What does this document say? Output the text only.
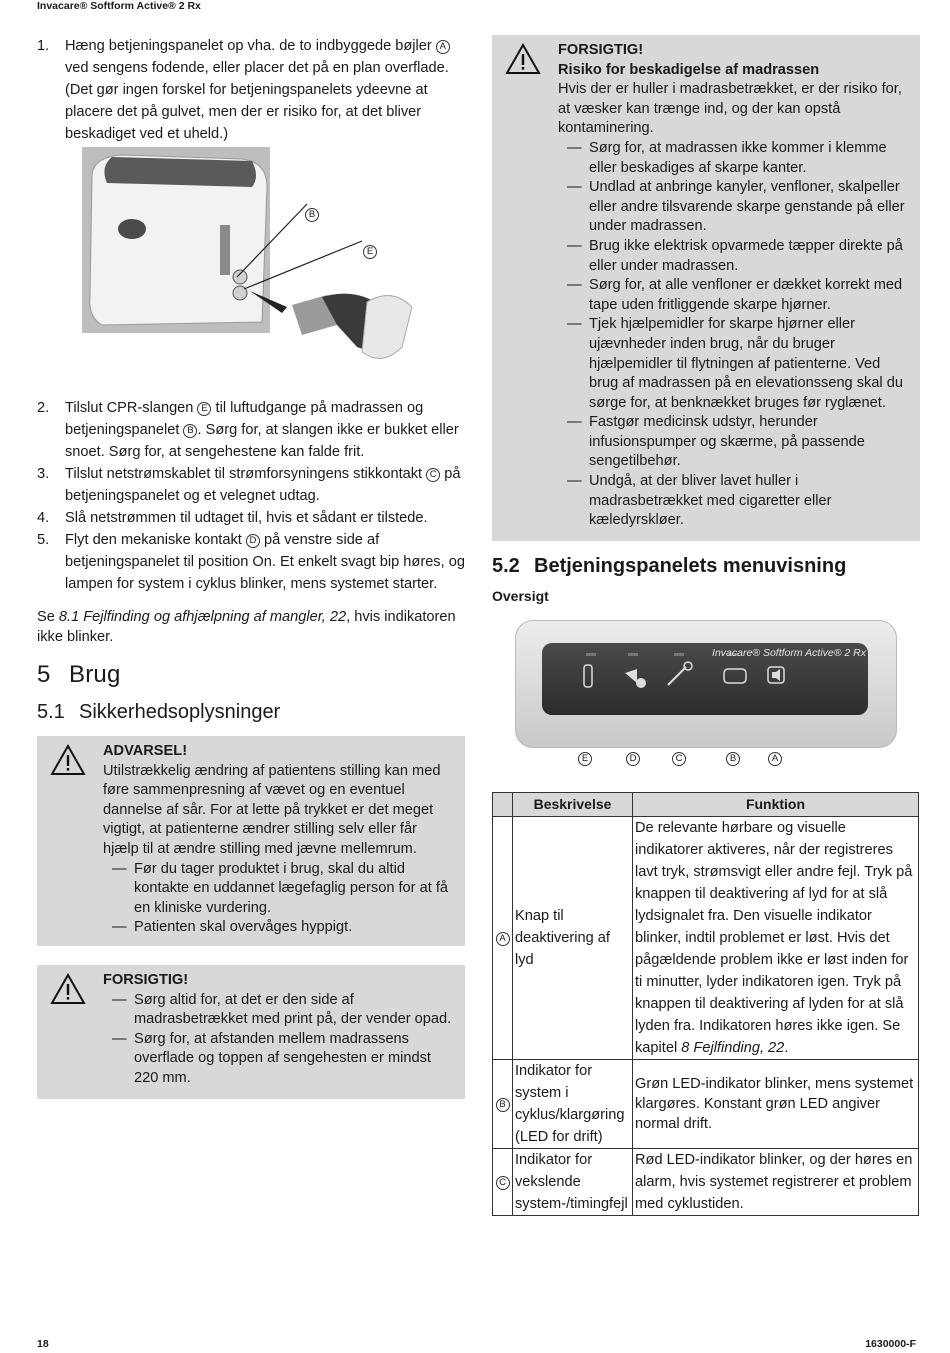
Invacare® Softform Active® 2 Rx
1. Hæng betjeningspanelet op vha. de to indbyggede bøjler A ved sengens fodende, eller placer det på en plan overflade. (Det gør ingen forskel for betjeningspanelets ydeevne at placere det på gulvet, men der er risiko for, at det bliver beskadiget ved et uheld.)
B
E
2. Tilslut CPR-slangen E til luftudgange på madrassen og betjeningspanelet B . Sørg for, at slangen ikke er bukket eller snoet. Sørg for, at sengehestene kan falde frit.
3. Tilslut netstrømskablet til strømforsyningens stikkontakt C på betjeningspanelet og et velegnet udtag.
4. Slå netstrømmen til udtaget til, hvis et sådant er tilstede.
5. Flyt den mekaniske kontakt D på venstre side af betjeningspanelet til position On. Et enkelt svagt bip høres, og lampen for system i cyklus blinker, mens systemet starter.

Se 8.1 Fejlfinding og afhjælpning af mangler, 22, hvis indikatoren ikke blinker.

5 Brug
5.1 Sikkerhedsoplysninger
ADVARSEL!
Utilstrækkelig ændring af patientens stilling kan med føre sammenpresning af vævet og en eventuel dannelse af sår. For at lette på trykket er det meget vigtigt, at patienterne ændrer stilling selv eller får hjælp til at ændre stilling med jævne mellemrum.
— Før du tager produktet i brug, skal du altid kontakte en uddannet lægefaglig person for at få en kliniske vurdering.
— Patienten skal overvåges hyppigt.
FORSIGTIG!
— Sørg altid for, at det er den side af madrasbetrækket med print på, der vender opad.
— Sørg for, at afstanden mellem madrassens overflade og toppen af sengehesten er mindst 220 mm.
FORSIGTIG!
Risiko for beskadigelse af madrassen
Hvis der er huller i madrasbetrækket, er der risiko for, at væsker kan trænge ind, og der kan opstå kontaminering.
— Sørg for, at madrassen ikke kommer i klemme eller beskadiges af skarpe kanter.
— Undlad at anbringe kanyler, venfloner, skalpeller eller andre tilsvarende skarpe genstande på eller under madrassen.
— Brug ikke elektrisk opvarmede tæpper direkte på eller under madrassen.
— Sørg for, at alle venfloner er dækket korrekt med tape uden fritliggende skarpe hjørner.
— Tjek hjælpemidler for skarpe hjørner eller ujævnheder inden brug, når du bruger hjælpemidler til flytningen af patienterne. Ved brug af madrassen på en elevationsseng skal du sørge for, at benknækket bruges før ryglænet.
— Fastgør medicinsk udstyr, herunder infusionspumper og skærme, på passende sengetilbehør.
— Undgå, at der bliver lavet huller i madrasbetrækket med cigaretter eller kæledyrskløer.
5.2 Betjeningspanelets menuvisning
Oversigt
Invacare® Softform Active® 2 Rx
E	D	C	B	A
	Beskrivelse	Funktion
A	Knap til deaktivering af lyd	De relevante hørbare og visuelle indikatorer aktiveres, når der registreres lavt tryk, strømsvigt eller andre fejl. Tryk på knappen til deaktivering af lyd for at slå lydsignalet fra. Den visuelle indikator blinker, indtil problemet er løst. Hvis det pågældende problem ikke er løst inden for ti minutter, lyder indikatoren igen. Tryk på knappen til deaktivering af lyden for at slå lyden fra. Indikatoren høres ikke igen. Se kapitel 8 Fejlfinding, 22.
B	Indikator for system i cyklus/klargøring (LED for drift)	Grøn LED-indikator blinker, mens systemet klargøres. Konstant grøn LED angiver normal drift.
C	Indikator for vekslende system-/timingfejl	Rød LED-indikator blinker, og der høres en alarm, hvis systemet registrerer et problem med cyklustiden.
18	1630000-F
